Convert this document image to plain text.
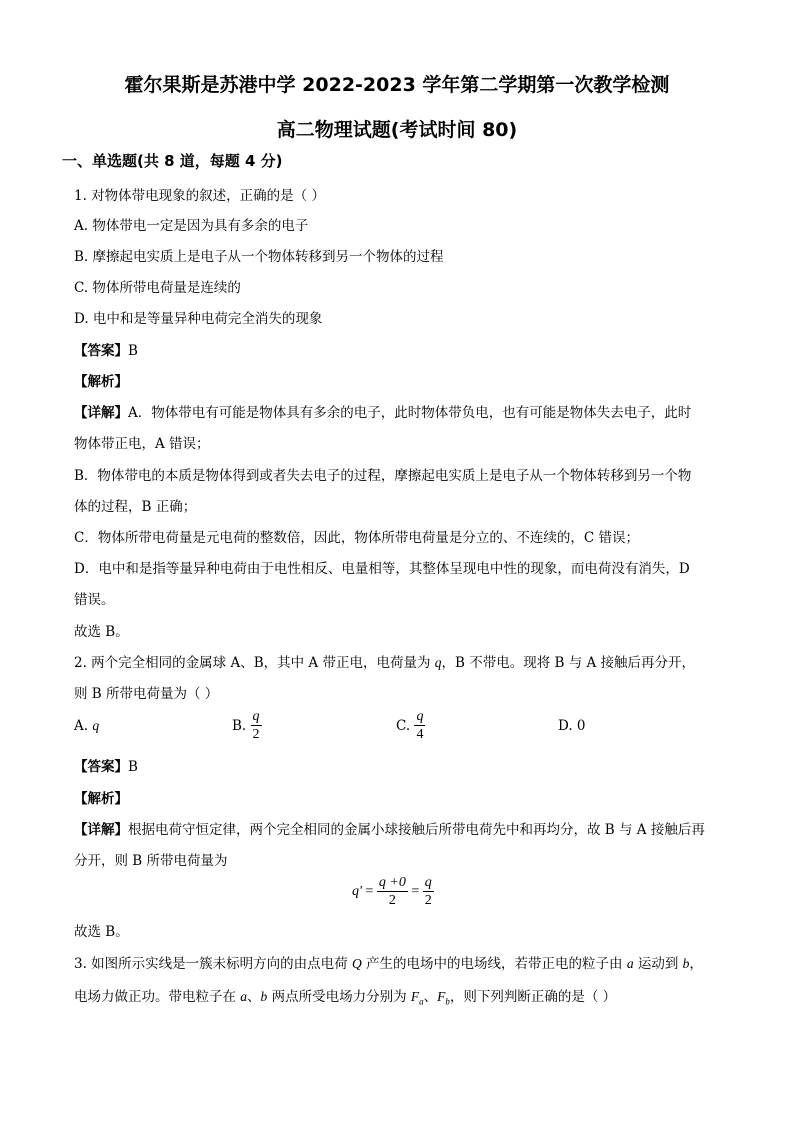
霍尔果斯是苏港中学 2022-2023 学年第二学期第一次教学检测
高二物理试题(考试时间 80)
一、单选题(共 8 道，每题 4 分)
1. 对物体带电现象的叙述，正确的是（ ）
A. 物体带电一定是因为具有多余的电子
B. 摩擦起电实质上是电子从一个物体转移到另一个物体的过程
C. 物体所带电荷量是连续的
D. 电中和是等量异种电荷完全消失的现象
【答案】B
【解析】
【详解】A．物体带电有可能是物体具有多余的电子，此时物体带负电，也有可能是物体失去电子，此时
物体带正电，A 错误；
B．物体带电的本质是物体得到或者失去电子的过程，摩擦起电实质上是电子从一个物体转移到另一个物
体的过程，B 正确；
C．物体所带电荷量是元电荷的整数倍，因此，物体所带电荷量是分立的、不连续的，C 错误；
D．电中和是指等量异种电荷由于电性相反、电量相等，其整体呈现电中性的现象，而电荷没有消失，D
错误。
故选 B。
2. 两个完全相同的金属球 A、B，其中 A 带正电，电荷量为 q，B 不带电。现将 B 与 A 接触后再分开，
则 B 所带电荷量为（ ）
A. q	B. $\frac{q}{2}$	C. $\frac{q}{4}$	D. 0
【答案】B
【解析】
【详解】根据电荷守恒定律，两个完全相同的金属小球接触后所带电荷先中和再均分，故 B 与 A 接触后再
分开，则 B 所带电荷量为
$q' = \frac{q +0}{2} = \frac{q}{2}$
故选 B。
3. 如图所示实线是一簇未标明方向的由点电荷 Q 产生的电场中的电场线，若带正电的粒子由 a 运动到 b，
电场力做正功。带电粒子在 a、b 两点所受电场力分别为 $F_a$、$F_b$，则下列判断正确的是（ ）
